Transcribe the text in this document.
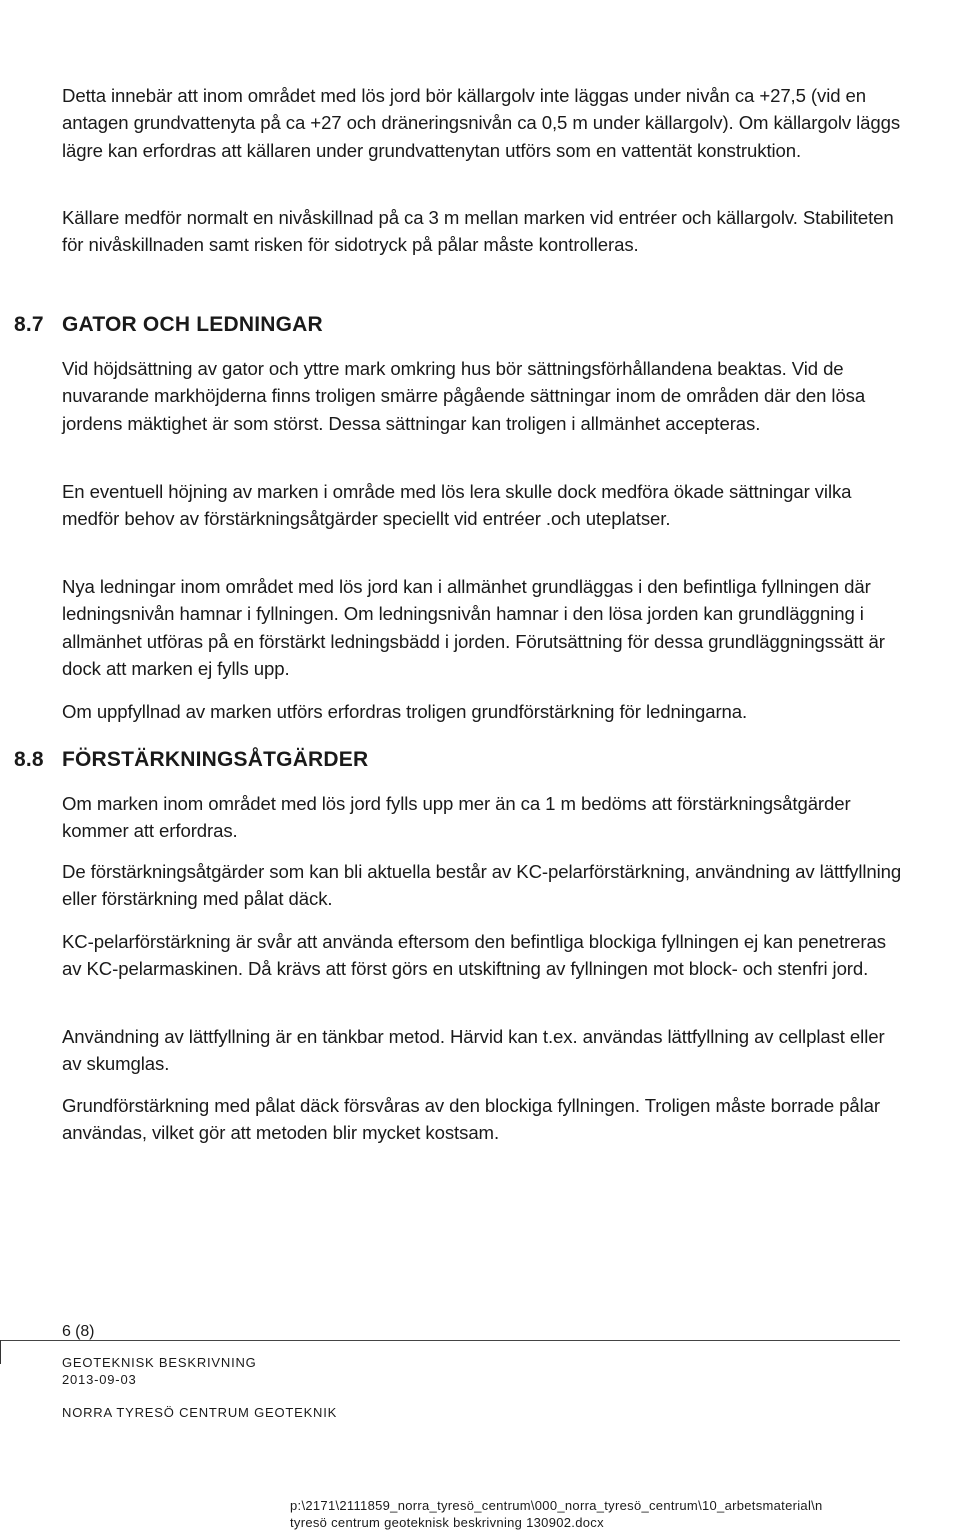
Detta innebär att inom området med lös jord bör källargolv inte läggas under nivån ca +27,5 (vid en antagen grundvattenyta på ca +27 och dräneringsnivån ca 0,5 m under källargolv). Om källargolv läggs lägre kan erfordras att källaren under grundvattenytan utförs som en vattentät konstruktion.

Källare medför normalt en nivåskillnad på ca 3 m mellan marken vid entréer och källargolv. Stabiliteten för nivåskillnaden samt risken för sidotryck på pålar måste kontrolleras.

8.7 GATOR OCH LEDNINGAR

Vid höjdsättning av gator och yttre mark omkring hus bör sättningsförhållandena beaktas. Vid de nuvarande markhöjderna finns troligen smärre pågående sättningar inom de områden där den lösa jordens mäktighet är som störst. Dessa sättningar kan troligen i allmänhet accepteras.

En eventuell höjning av marken i område med lös lera skulle dock medföra ökade sättningar vilka medför behov av förstärkningsåtgärder speciellt vid entréer .och uteplatser.

Nya ledningar inom området med lös jord kan i allmänhet grundläggas i den befintliga fyllningen där ledningsnivån hamnar i fyllningen. Om ledningsnivån hamnar i den lösa jorden kan grundläggning i allmänhet utföras på en förstärkt ledningsbädd i jorden. Förutsättning för dessa grundläggningssätt är dock att marken ej fylls upp.

Om uppfyllnad av marken utförs erfordras troligen grundförstärkning för ledningarna.

8.8 FÖRSTÄRKNINGSÅTGÄRDER

Om marken inom området med lös jord fylls upp mer än ca 1 m bedöms att förstärkningsåtgärder kommer att erfordras.

De förstärkningsåtgärder som kan bli aktuella består av KC-pelarförstärkning, användning av lättfyllning eller förstärkning med pålat däck.

KC-pelarförstärkning är svår att använda eftersom den befintliga blockiga fyllningen ej kan penetreras av KC-pelarmaskinen. Då krävs att först görs en utskiftning av fyllningen mot block- och stenfri jord.

Användning av lättfyllning är en tänkbar metod. Härvid kan t.ex. användas lättfyllning av cellplast eller av skumglas.

Grundförstärkning med pålat däck försvåras av den blockiga fyllningen. Troligen måste borrade pålar användas, vilket gör att metoden blir mycket kostsam.

6 (8)
GEOTEKNISK BESKRIVNING
2013-09-03
NORRA TYRESÖ CENTRUM GEOTEKNIK
p:\2171\2111859_norra_tyresö_centrum\000_norra_tyresö_centrum\10_arbetsmaterial\n
tyresö centrum geoteknisk beskrivning 130902.docx
